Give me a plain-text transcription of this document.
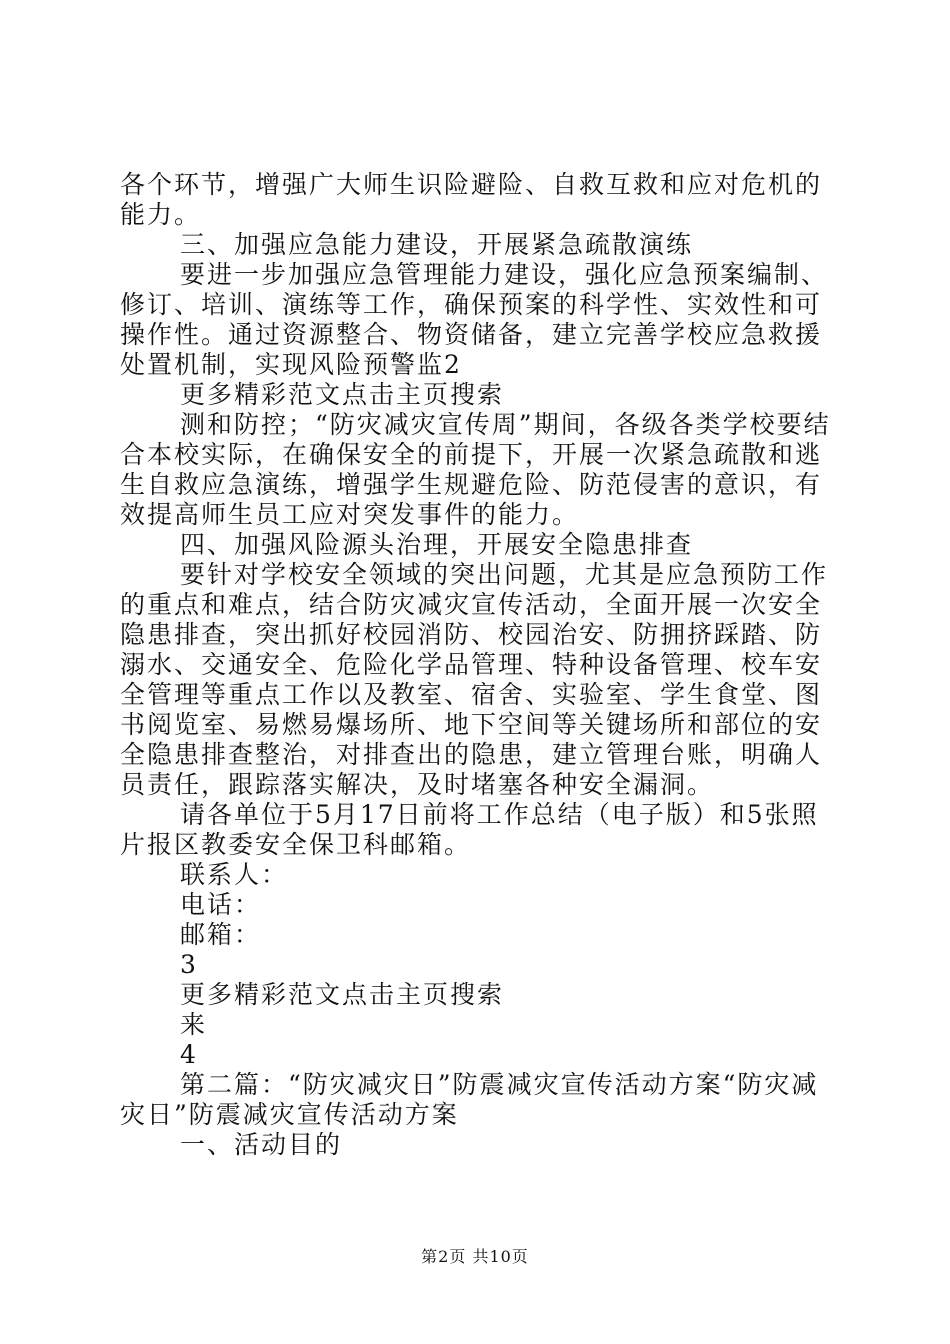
各个环节，增强广大师生识险避险、自救互救和应对危机的能力。

三、加强应急能力建设，开展紧急疏散演练

要进一步加强应急管理能力建设，强化应急预案编制、修订、培训、演练等工作，确保预案的科学性、实效性和可操作性。通过资源整合、物资储备，建立完善学校应急救援处置机制，实现风险预警监2

更多精彩范文点击主页搜索

测和防控；“防灾减灾宣传周”期间，各级各类学校要结合本校实际，在确保安全的前提下，开展一次紧急疏散和逃生自救应急演练，增强学生规避危险、防范侵害的意识，有效提高师生员工应对突发事件的能力。

四、加强风险源头治理，开展安全隐患排查

要针对学校安全领域的突出问题，尤其是应急预防工作的重点和难点，结合防灾减灾宣传活动，全面开展一次安全隐患排查，突出抓好校园消防、校园治安、防拥挤踩踏、防溺水、交通安全、危险化学品管理、特种设备管理、校车安全管理等重点工作以及教室、宿舍、实验室、学生食堂、图书阅览室、易燃易爆场所、地下空间等关键场所和部位的安全隐患排查整治，对排查出的隐患，建立管理台账，明确人员责任，跟踪落实解决，及时堵塞各种安全漏洞。

请各单位于5月17日前将工作总结（电子版）和5张照片报区教委安全保卫科邮箱。

联系人：

电话：

邮箱：

3

更多精彩范文点击主页搜索

来

4

第二篇：“防灾减灾日”防震减灾宣传活动方案“防灾减灾日”防震减灾宣传活动方案

一、活动目的

第2页 共10页
